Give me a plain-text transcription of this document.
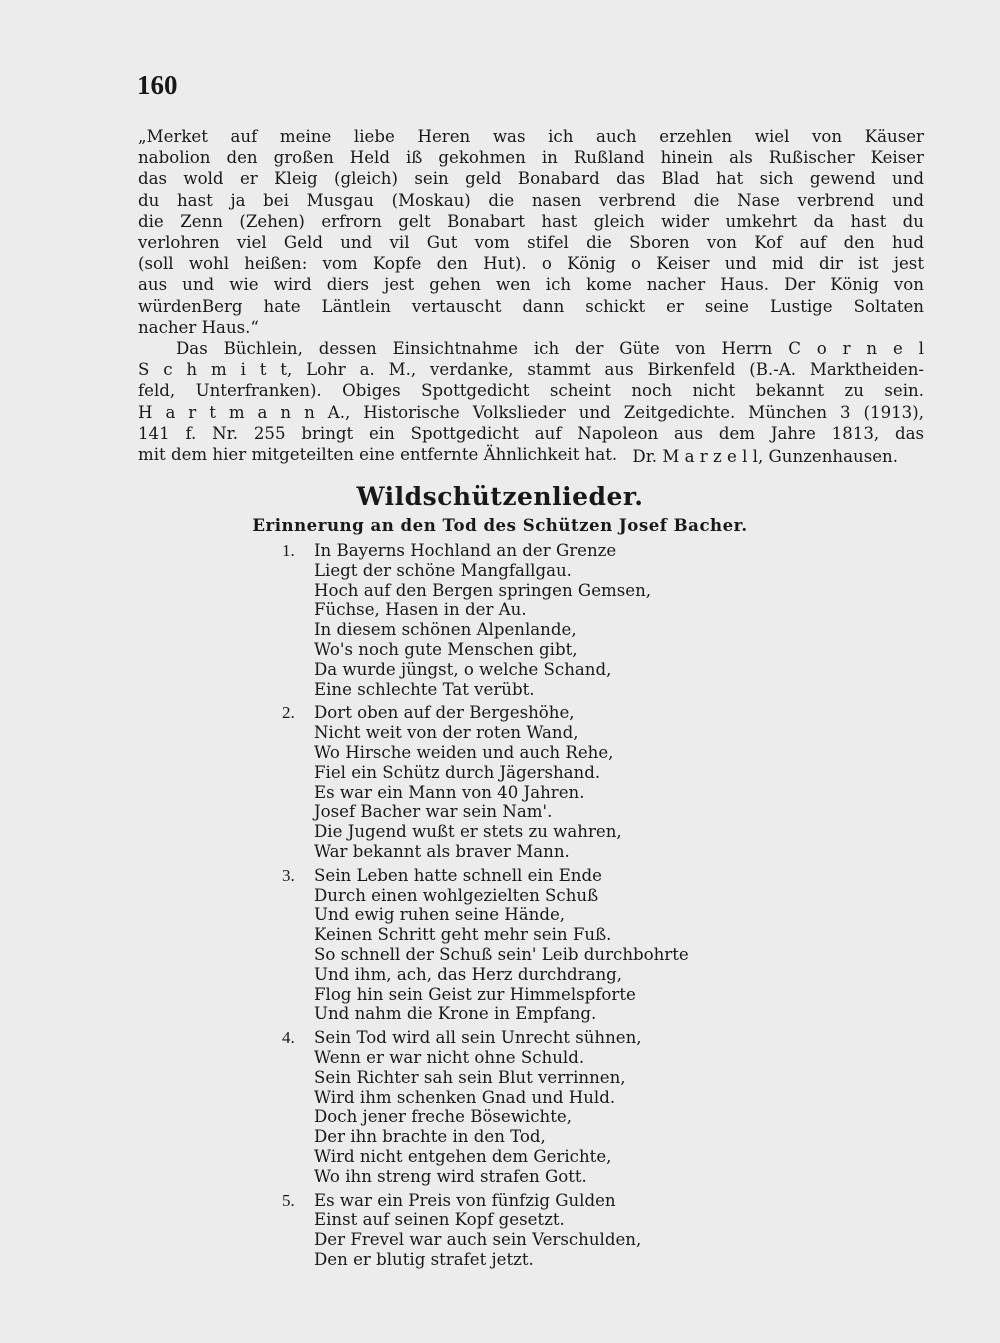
160
„Merket auf meine liebe Heren was ich auch erzehlen wiel von Käuser
nabolion den großen Held iß gekohmen in Rußland hinein als Rußischer Keiser
das wold er Kleig (gleich) sein geld Bonabard das Blad hat sich gewend und
du hast ja bei Musgau (Moskau) die nasen verbrend die Nase verbrend und
die Zenn (Zehen) erfrorn gelt Bonabart hast gleich wider umkehrt da hast du
verlohren viel Geld und vil Gut vom stifel die Sboren von Kof auf den hud
(soll wohl heißen: vom Kopfe den Hut). o König o Keiser und mid dir ist jest
aus und wie wird diers jest gehen wen ich kome nacher Haus. Der König von
würdenBerg hate Läntlein vertauscht dann schickt er seine Lustige Soltaten
nacher Haus.“
Das Büchlein, dessen Einsichtnahme ich der Güte von Herrn C o r n e l
S c h m i t t, Lohr a. M., verdanke, stammt aus Birkenfeld (B.-A. Marktheiden-
feld, Unterfranken). Obiges Spottgedicht scheint noch nicht bekannt zu sein.
H a r t m a n n A., Historische Volkslieder und Zeitgedichte. München 3 (1913),
141 f. Nr. 255 bringt ein Spottgedicht auf Napoleon aus dem Jahre 1813, das
mit dem hier mitgeteilten eine entfernte Ähnlichkeit hat. Dr. M a r z e l l, Gunzenhausen.
Wildschützenlieder.
Erinnerung an den Tod des Schützen Josef Bacher.
1. In Bayerns Hochland an der Grenze
Liegt der schöne Mangfallgau.
Hoch auf den Bergen springen Gemsen,
Füchse, Hasen in der Au.
In diesem schönen Alpenlande,
Wo's noch gute Menschen gibt,
Da wurde jüngst, o welche Schand,
Eine schlechte Tat verübt.
2. Dort oben auf der Bergeshöhe,
Nicht weit von der roten Wand,
Wo Hirsche weiden und auch Rehe,
Fiel ein Schütz durch Jägershand.
Es war ein Mann von 40 Jahren.
Josef Bacher war sein Nam'.
Die Jugend wußt er stets zu wahren,
War bekannt als braver Mann.
3. Sein Leben hatte schnell ein Ende
Durch einen wohlgezielten Schuß
Und ewig ruhen seine Hände,
Keinen Schritt geht mehr sein Fuß.
So schnell der Schuß sein' Leib durchbohrte
Und ihm, ach, das Herz durchdrang,
Flog hin sein Geist zur Himmelspforte
Und nahm die Krone in Empfang.
4. Sein Tod wird all sein Unrecht sühnen,
Wenn er war nicht ohne Schuld.
Sein Richter sah sein Blut verrinnen,
Wird ihm schenken Gnad und Huld.
Doch jener freche Bösewichte,
Der ihn brachte in den Tod,
Wird nicht entgehen dem Gerichte,
Wo ihn streng wird strafen Gott.
5. Es war ein Preis von fünfzig Gulden
Einst auf seinen Kopf gesetzt.
Der Frevel war auch sein Verschulden,
Den er blutig strafet jetzt.
